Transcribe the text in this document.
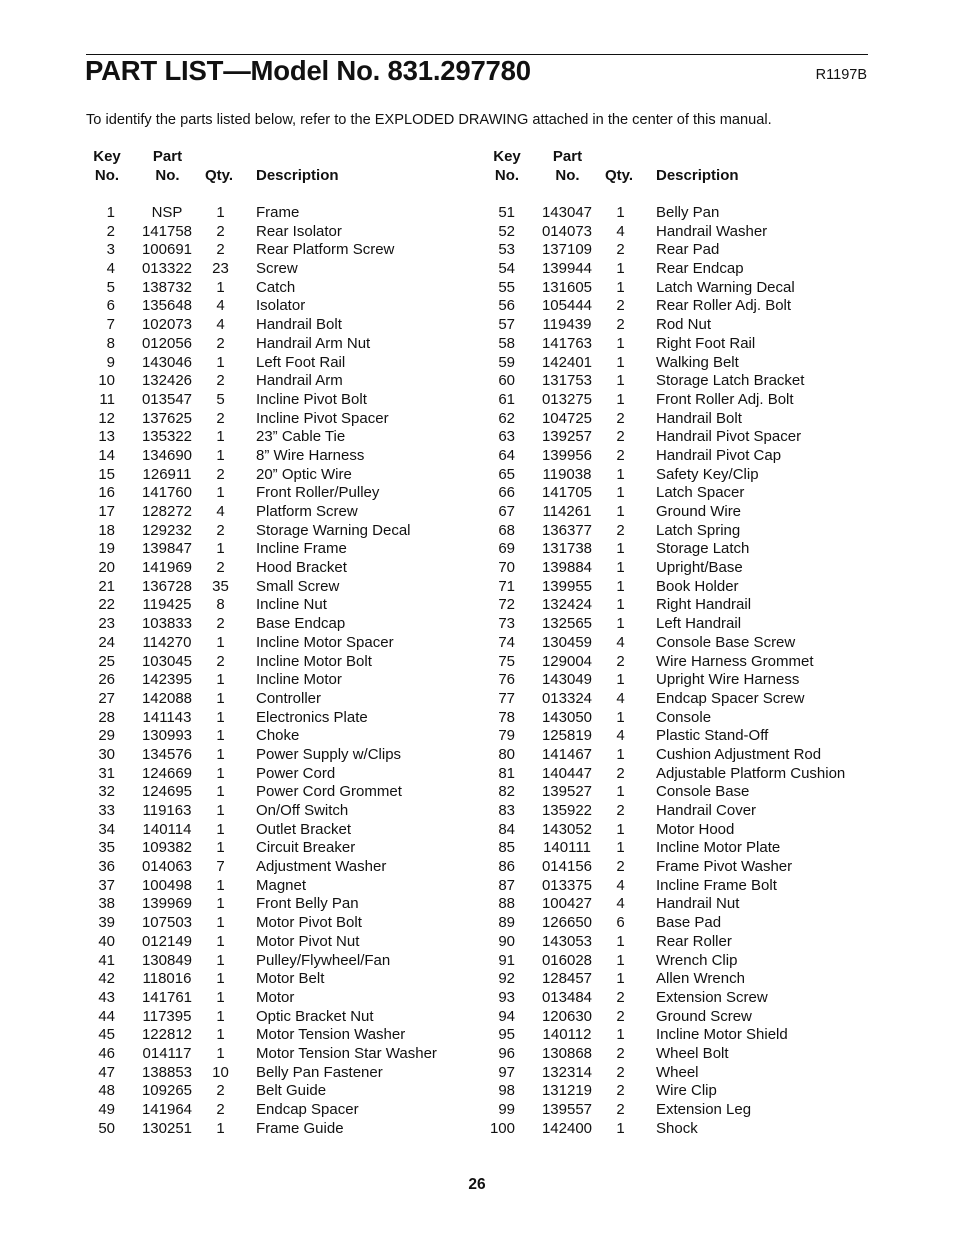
PART LIST—Model No. 831.297780	R1197B
To identify the parts listed below, refer to the EXPLODED DRAWING attached in the center of this manual.
Key
No.
Part
No.	Qty. Description
1	NSP	1	Frame
2 141758	2	Rear Isolator
3 100691	2	Rear Platform Screw
4 013322	23	Screw
5 138732	1	Catch
6 135648	4	Isolator
7 102073	4	Handrail Bolt
8 012056	2	Handrail Arm Nut
9 143046	1	Left Foot Rail
10 132426	2	Handrail Arm
11 013547	5	Incline Pivot Bolt
12 137625	2	Incline Pivot Spacer
13 135322	1	23” Cable Tie
14 134690	1	8” Wire Harness
15 126911	2	20” Optic Wire
16 141760	1	Front Roller/Pulley
17 128272	4	Platform Screw
18 129232	2	Storage Warning Decal
19 139847	1	Incline Frame
20 141969	2	Hood Bracket
21 136728	35	Small Screw
22 119425	8	Incline Nut
23 103833	2	Base Endcap
24 114270	1	Incline Motor Spacer
25 103045	2	Incline Motor Bolt
26 142395	1	Incline Motor
27 142088	1	Controller
28 141143	1	Electronics Plate
29 130993	1	Choke
30 134576	1	Power Supply w/Clips
31 124669	1	Power Cord
32 124695	1	Power Cord Grommet
33 119163	1	On/Off Switch
34 140114	1	Outlet Bracket
35 109382	1	Circuit Breaker
36 014063	7	Adjustment Washer
37 100498	1	Magnet
38 139969	1	Front Belly Pan
39 107503	1	Motor Pivot Bolt
40 012149	1	Motor Pivot Nut
41 130849	1	Pulley/Flywheel/Fan
42 118016	1	Motor Belt
43 141761	1	Motor
44 117395	1	Optic Bracket Nut
45 122812	1	Motor Tension Washer
46 014117	1	Motor Tension Star Washer
47 138853	10	Belly Pan Fastener
48 109265	2	Belt Guide
49 141964	2	Endcap Spacer
50 130251	1	Frame Guide
Key
No.
Part
No.	Qty. Description
51 143047	1	Belly Pan
52 014073	4	Handrail Washer
53 137109	2	Rear Pad
54 139944	1	Rear Endcap
55 131605	1	Latch Warning Decal
56 105444	2	Rear Roller Adj. Bolt
57 119439	2	Rod Nut
58 141763	1	Right Foot Rail
59 142401	1	Walking Belt
60 131753	1	Storage Latch Bracket
61 013275	1	Front Roller Adj. Bolt
62 104725	2	Handrail Bolt
63 139257	2	Handrail Pivot Spacer
64 139956	2	Handrail Pivot Cap
65 119038	1	Safety Key/Clip
66 141705	1	Latch Spacer
67 114261	1	Ground Wire
68 136377	2	Latch Spring
69 131738	1	Storage Latch
70 139884	1	Upright/Base
71 139955	1	Book Holder
72 132424	1	Right Handrail
73 132565	1	Left Handrail
74 130459	4	Console Base Screw
75 129004	2	Wire Harness Grommet
76 143049	1	Upright Wire Harness
77 013324	4	Endcap Spacer Screw
78 143050	1	Console
79 125819	4	Plastic Stand-Off
80 141467	1	Cushion Adjustment Rod
81 140447	2	Adjustable Platform Cushion
82 139527	1	Console Base
83 135922	2	Handrail Cover
84 143052	1	Motor Hood
85 140111	1	Incline Motor Plate
86 014156	2	Frame Pivot Washer
87 013375	4	Incline Frame Bolt
88 100427	4	Handrail Nut
89 126650	6	Base Pad
90 143053	1	Rear Roller
91 016028	1	Wrench Clip
92 128457	1	Allen Wrench
93 013484	2	Extension Screw
94 120630	2	Ground Screw
95 140112	1	Incline Motor Shield
96 130868	2	Wheel Bolt
97 132314	2	Wheel
98 131219	2	Wire Clip
99 139557	2	Extension Leg
100 142400	1	Shock
26
